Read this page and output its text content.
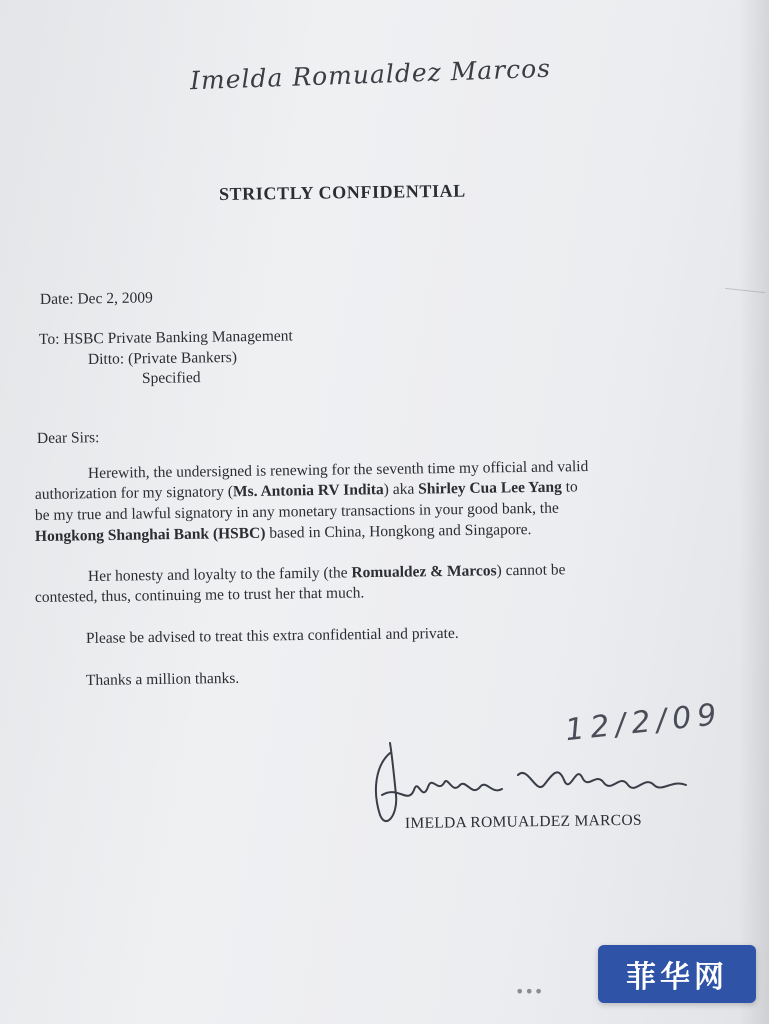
Imelda Romualdez Marcos
STRICTLY CONFIDENTIAL
Date: Dec 2, 2009
To: HSBC Private Banking Management
Ditto: (Private Bankers)
Specified
Dear Sirs:
Herewith, the undersigned is renewing for the seventh time my official and valid
authorization for my signatory (Ms. Antonia RV Indita) aka Shirley Cua Lee Yang to
be my true and lawful signatory in any monetary transactions in your good bank, the
Hongkong Shanghai Bank (HSBC) based in China, Hongkong and Singapore.
Her honesty and loyalty to the family (the Romualdez & Marcos) cannot be
contested, thus, continuing me to trust her that much.
Please be advised to treat this extra confidential and private.
Thanks a million thanks.
12/2/09
IMELDA ROMUALDEZ MARCOS
•••	菲华网
